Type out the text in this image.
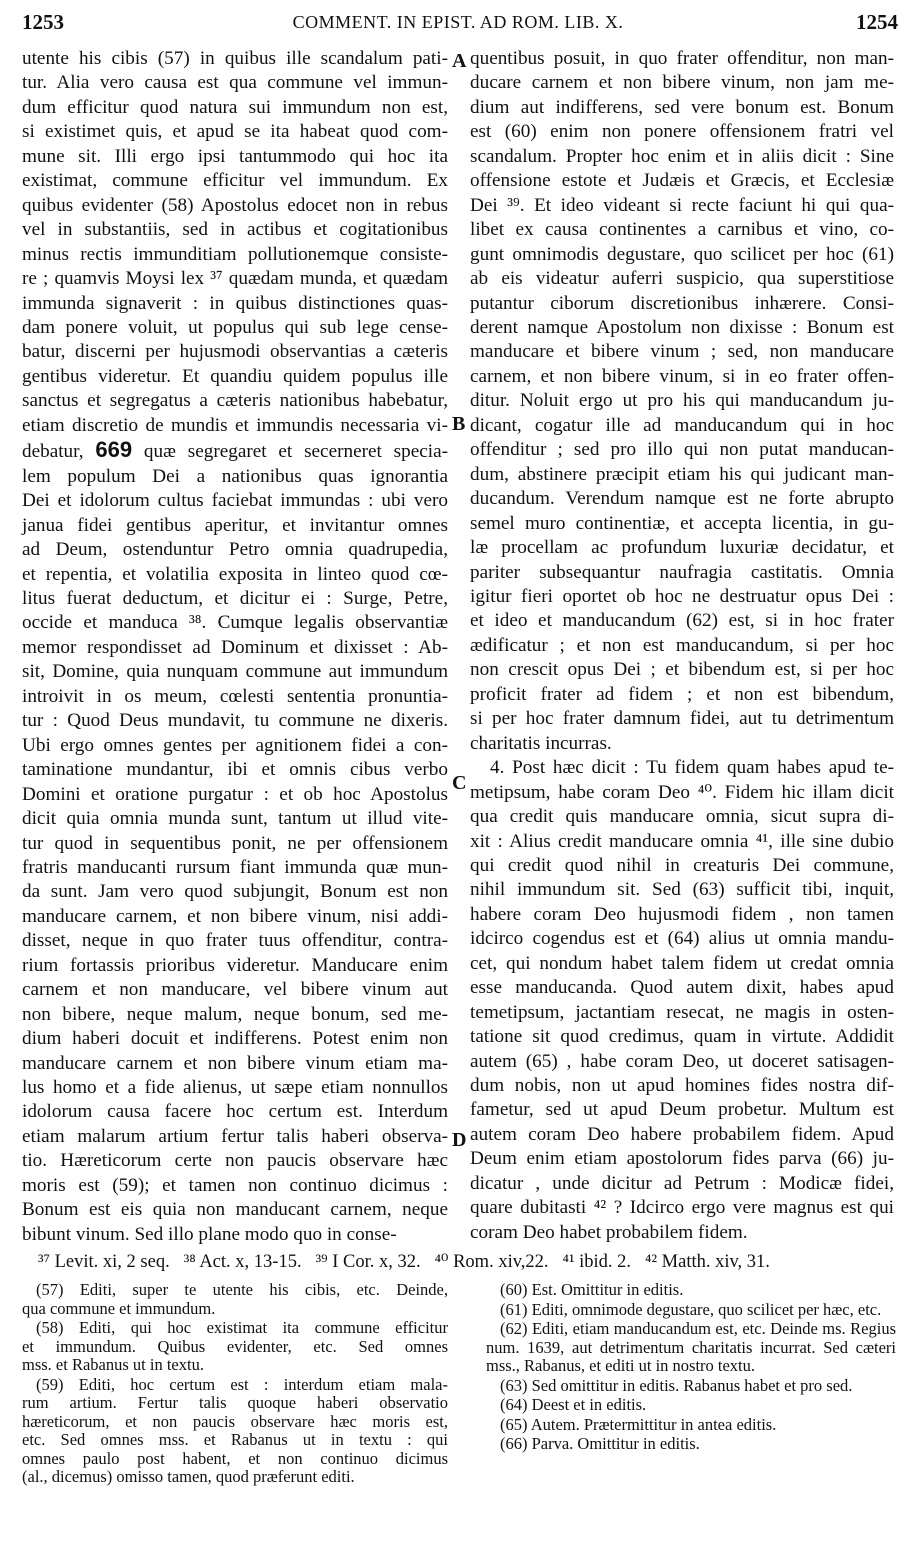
1253	COMMENT. IN EPIST. AD ROM. LIB. X.	1254

utente his cibis (57) in quibus ille scandalum pati-

tur. Alia vero causa est qua commune vel immun-

dum efficitur quod natura sui immundum non est,

si existimet quis, et apud se ita habeat quod com-

mune sit. Illi ergo ipsi tantummodo qui hoc ita

existimat, commune efficitur vel immundum. Ex

quibus evidenter (58) Apostolus edocet non in rebus

vel in substantiis, sed in actibus et cogitationibus

minus rectis immunditiam pollutionemque consiste-

re ; quamvis Moysi lex ³⁷ quædam munda, et quædam

immunda signaverit : in quibus distinctiones quas-

dam ponere voluit, ut populus qui sub lege cense-

batur, discerni per hujusmodi observantias a cæteris

gentibus videretur. Et quandiu quidem populus ille

sanctus et segregatus a cæteris nationibus habebatur,

etiam discretio de mundis et immundis necessaria vi-

debatur, 669 quæ segregaret et secerneret specia-

lem populum Dei a nationibus quas ignorantia

Dei et idolorum cultus faciebat immundas : ubi vero

janua fidei gentibus aperitur, et invitantur omnes

ad Deum, ostenduntur Petro omnia quadrupedia,

et repentia, et volatilia exposita in linteo quod cœ-

litus fuerat deductum, et dicitur ei : Surge, Petre,

occide et manduca ³⁸. Cumque legalis observantiæ

memor respondisset ad Dominum et dixisset : Ab-

sit, Domine, quia nunquam commune aut immundum

introivit in os meum, cœlesti sententia pronuntia-

tur : Quod Deus mundavit, tu commune ne dixeris.

Ubi ergo omnes gentes per agnitionem fidei a con-

taminatione mundantur, ibi et omnis cibus verbo

Domini et oratione purgatur : et ob hoc Apostolus

dicit quia omnia munda sunt, tantum ut illud vite-

tur quod in sequentibus ponit, ne per offensionem

fratris manducanti rursum fiant immunda quæ mun-

da sunt. Jam vero quod subjungit, Bonum est non

manducare carnem, et non bibere vinum, nisi addi-

disset, neque in quo frater tuus offenditur, contra-

rium fortassis prioribus videretur. Manducare enim

carnem et non manducare, vel bibere vinum aut

non bibere, neque malum, neque bonum, sed me-

dium haberi docuit et indifferens. Potest enim non

manducare carnem et non bibere vinum etiam ma-

lus homo et a fide alienus, ut sæpe etiam nonnullos

idolorum causa facere hoc certum est. Interdum

etiam malarum artium fertur talis haberi observa-

tio. Hæreticorum certe non paucis observare hæc

moris est (59); et tamen non continuo dicimus :

Bonum est eis quia non manducant carnem, neque

bibunt vinum. Sed illo plane modo quo in conse-

quentibus posuit, in quo frater offenditur, non man-

ducare carnem et non bibere vinum, non jam me-

dium aut indifferens, sed vere bonum est. Bonum

est (60) enim non ponere offensionem fratri vel

scandalum. Propter hoc enim et in aliis dicit : Sine

offensione estote et Judæis et Græcis, et Ecclesiæ

Dei ³⁹. Et ideo videant si recte faciunt hi qui qua-

libet ex causa continentes a carnibus et vino, co-

gunt omnimodis degustare, quo scilicet per hoc (61)

ab eis videatur auferri suspicio, qua superstitiose

putantur ciborum discretionibus inhærere. Consi-

derent namque Apostolum non dixisse : Bonum est

manducare et bibere vinum ; sed, non manducare

carnem, et non bibere vinum, si in eo frater offen-

ditur. Noluit ergo ut pro his qui manducandum ju-

dicant, cogatur ille ad manducandum qui in hoc

offenditur ; sed pro illo qui non putat manducan-

dum, abstinere præcipit etiam his qui judicant man-

ducandum. Verendum namque est ne forte abrupto

semel muro continentiæ, et accepta licentia, in gu-

læ procellam ac profundum luxuriæ decidatur, et

pariter subsequantur naufragia castitatis. Omnia

igitur fieri oportet ob hoc ne destruatur opus Dei :

et ideo et manducandum (62) est, si in hoc frater

ædificatur ; et non est manducandum, si per hoc

non crescit opus Dei ; et bibendum est, si per hoc

proficit frater ad fidem ; et non est bibendum,

si per hoc frater damnum fidei, aut tu detrimentum

charitatis incurras.

4. Post hæc dicit : Tu fidem quam habes apud te-

metipsum, habe coram Deo ⁴⁰. Fidem hic illam dicit

qua credit quis manducare omnia, sicut supra di-

xit : Alius credit manducare omnia ⁴¹, ille sine dubio

qui credit quod nihil in creaturis Dei commune,

nihil immundum sit. Sed (63) sufficit tibi, inquit,

habere coram Deo hujusmodi fidem , non tamen

idcirco cogendus est et (64) alius ut omnia mandu-

cet, qui nondum habet talem fidem ut credat omnia

esse manducanda. Quod autem dixit, habes apud

temetipsum, jactantiam resecat, ne magis in osten-

tatione sit quod credimus, quam in virtute. Addidit

autem (65) , habe coram Deo, ut doceret satisagen-

dum nobis, non ut apud homines fides nostra dif-

fametur, sed ut apud Deum probetur. Multum est

autem coram Deo habere probabilem fidem. Apud

Deum enim etiam apostolorum fides parva (66) ju-

dicatur , unde dicitur ad Petrum : Modicæ fidei,

quare dubitasti ⁴² ? Idcirco ergo vere magnus est qui

coram Deo habet probabilem fidem.

A
B
C
D
³⁷ Levit. xi, 2 seq. ³⁸ Act. x, 13-15. ³⁹ I Cor. x, 32. ⁴⁰ Rom. xiv,22. ⁴¹ ibid. 2. ⁴² Matth. xiv, 31.
(57) Editi, super te utente his cibis, etc. Deinde,
qua commune et immundum.
(58) Editi, qui hoc existimat ita commune efficitur
et immundum. Quibus evidenter, etc. Sed omnes
mss. et Rabanus ut in textu.
(59) Editi, hoc certum est : interdum etiam mala-
rum artium. Fertur talis quoque haberi observatio
hæreticorum, et non paucis observare hæc moris est,
etc. Sed omnes mss. et Rabanus ut in textu : qui
omnes paulo post habent, et non continuo dicimus
(al., dicemus) omisso tamen, quod præferunt editi.
(60) Est. Omittitur in editis.
(61) Editi, omnimode degustare, quo scilicet per hæc, etc.
(62) Editi, etiam manducandum est, etc. Deinde ms. Regius num. 1639, aut detrimentum charitatis incurrat. Sed cæteri mss., Rabanus, et editi ut in nostro textu.
(63) Sed omittitur in editis. Rabanus habet et pro sed.
(64) Deest et in editis.
(65) Autem. Prætermittitur in antea editis.
(66) Parva. Omittitur in editis.
